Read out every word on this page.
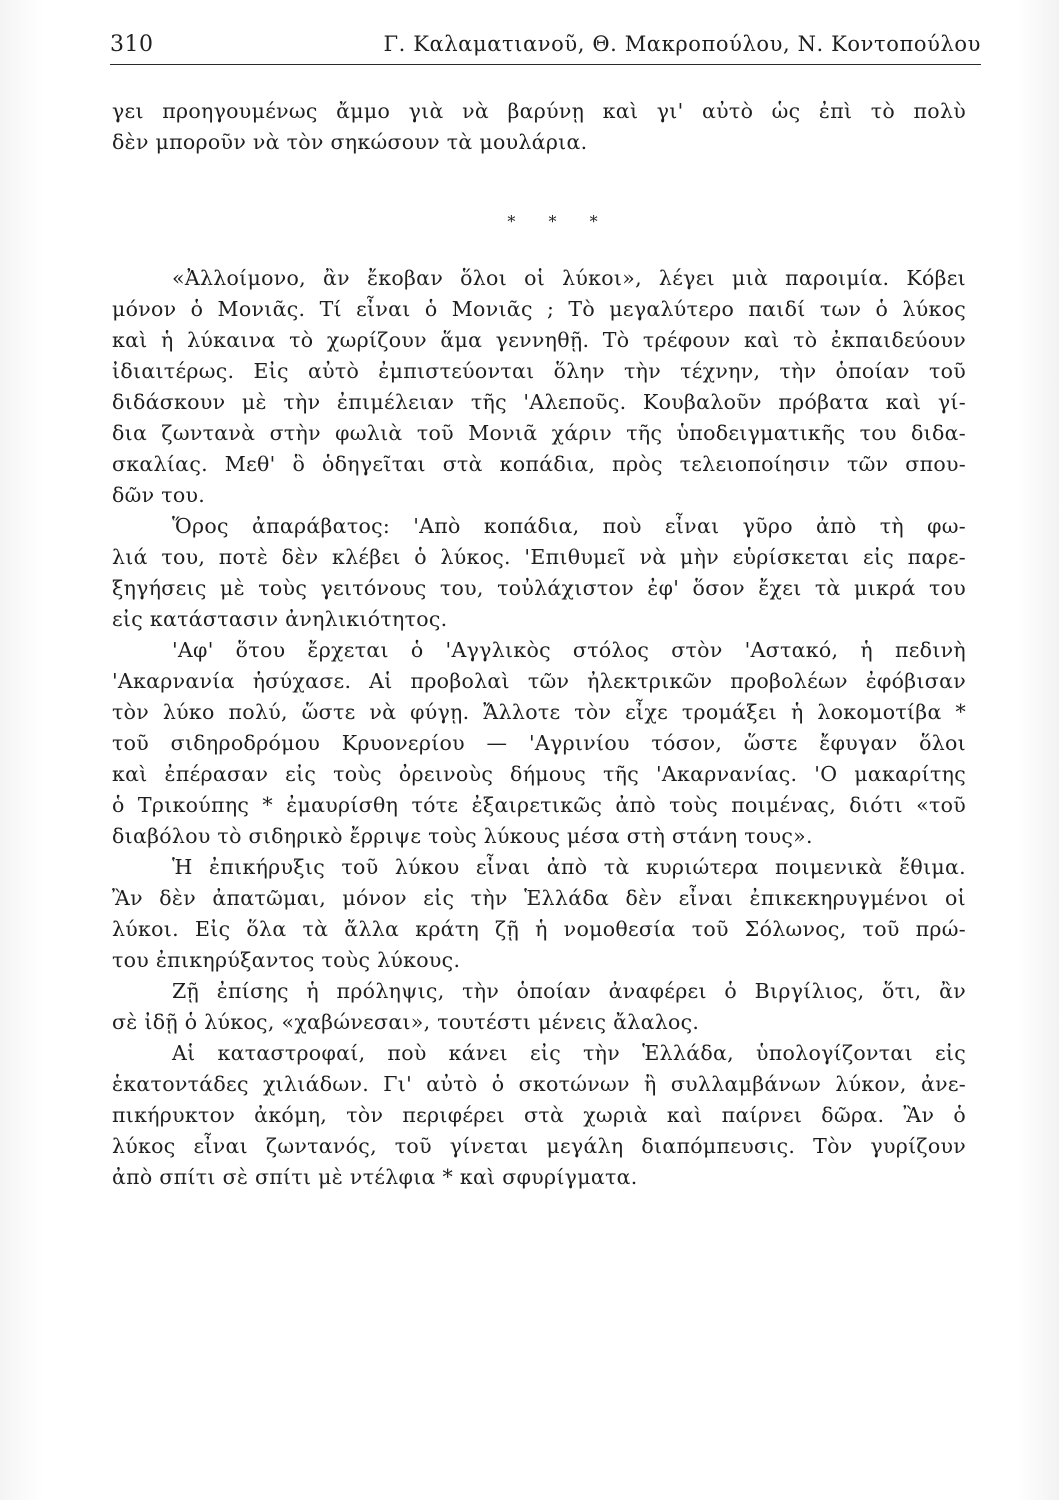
310	Γ. Καλαματιανοῦ, Θ. Μακροπούλου, Ν. Κοντοπούλου
γει προηγουμένως ἄμμο γιὰ νὰ βαρύνῃ καὶ γι' αὐτὸ ὡς ἐπὶ τὸ πολὺ
δὲν μποροῦν νὰ τὸν σηκώσουν τὰ μουλάρια.
* * *
«Ἀλλοίμονο, ἂν ἔκοβαν ὅλοι οἱ λύκοι», λέγει μιὰ παροιμία. Κόβει
μόνον ὁ Μονιᾶς. Τί εἶναι ὁ Μονιᾶς ; Τὸ μεγαλύτερο παιδί των ὁ λύκος
καὶ ἡ λύκαινα τὸ χωρίζουν ἅμα γεννηθῇ. Τὸ τρέφουν καὶ τὸ ἐκπαιδεύουν
ἰδιαιτέρως. Εἰς αὐτὸ ἐμπιστεύονται ὅλην τὴν τέχνην, τὴν ὁποίαν τοῦ
διδάσκουν μὲ τὴν ἐπιμέλειαν τῆς 'Αλεποῦς. Κουβαλοῦν πρόβατα καὶ γί-
δια ζωντανὰ στὴν φωλιὰ τοῦ Μονιᾶ χάριν τῆς ὑποδειγματικῆς του διδα-
σκαλίας. Μεθ' ὃ ὁδηγεῖται στὰ κοπάδια, πρὸς τελειοποίησιν τῶν σπου-
δῶν του.
Ὅρος ἀπαράβατος: 'Απὸ κοπάδια, ποὺ εἶναι γῦρο ἀπὸ τὴ φω-
λιά του, ποτὲ δὲν κλέβει ὁ λύκος. 'Επιθυμεῖ νὰ μὴν εὑρίσκεται εἰς παρε-
ξηγήσεις μὲ τοὺς γειτόνους του, τοὐλάχιστον ἐφ' ὅσον ἔχει τὰ μικρά του
εἰς κατάστασιν ἀνηλικιότητος.
'Αφ' ὅτου ἔρχεται ὁ 'Αγγλικὸς στόλος στὸν 'Αστακό, ἡ πεδινὴ
'Ακαρνανία ἡσύχασε. Αἱ προβολαὶ τῶν ἠλεκτρικῶν προβολέων ἐφόβισαν
τὸν λύκο πολύ, ὥστε νὰ φύγῃ. Ἄλλοτε τὸν εἶχε τρομάξει ἡ λοκομοτίβα *
τοῦ σιδηροδρόμου Κρυονερίου — 'Αγρινίου τόσον, ὥστε ἔφυγαν ὅλοι
καὶ ἐπέρασαν εἰς τοὺς ὀρεινοὺς δήμους τῆς 'Ακαρνανίας. 'Ο μακαρίτης
ὁ Τρικούπης * ἐμαυρίσθη τότε ἐξαιρετικῶς ἀπὸ τοὺς ποιμένας, διότι «τοῦ
διαβόλου τὸ σιδηρικὸ ἔρριψε τοὺς λύκους μέσα στὴ στάνη τους».
Ἡ ἐπικήρυξις τοῦ λύκου εἶναι ἀπὸ τὰ κυριώτερα ποιμενικὰ ἔθιμα.
Ἂν δὲν ἀπατῶμαι, μόνον εἰς τὴν Ἑλλάδα δὲν εἶναι ἐπικεκηρυγμένοι οἱ
λύκοι. Εἰς ὅλα τὰ ἄλλα κράτη ζῇ ἡ νομοθεσία τοῦ Σόλωνος, τοῦ πρώ-
του ἐπικηρύξαντος τοὺς λύκους.
Ζῇ ἐπίσης ἡ πρόληψις, τὴν ὁποίαν ἀναφέρει ὁ Βιργίλιος, ὅτι, ἂν
σὲ ἰδῇ ὁ λύκος, «χαβώνεσαι», τουτέστι μένεις ἄλαλος.
Αἱ καταστροφαί, ποὺ κάνει εἰς τὴν Ἑλλάδα, ὑπολογίζονται εἰς
ἑκατοντάδες χιλιάδων. Γι' αὐτὸ ὁ σκοτώνων ἢ συλλαμβάνων λύκον, ἀνε-
πικήρυκτον ἀκόμη, τὸν περιφέρει στὰ χωριὰ καὶ παίρνει δῶρα. Ἂν ὁ
λύκος εἶναι ζωντανός, τοῦ γίνεται μεγάλη διαπόμπευσις. Τὸν γυρίζουν
ἀπὸ σπίτι σὲ σπίτι μὲ ντέλφια * καὶ σφυρίγματα.
